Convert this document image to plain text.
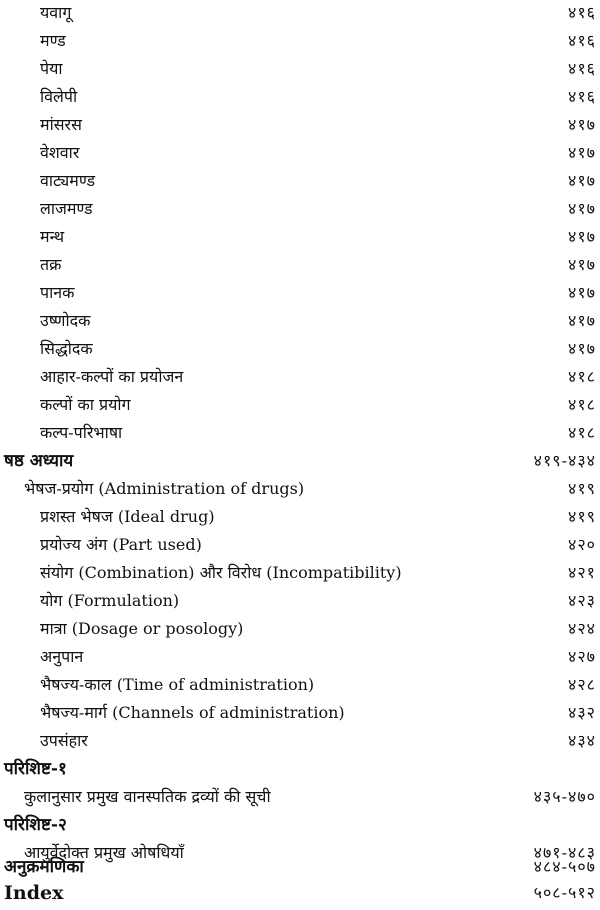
यवागू	४१६
मण्ड	४१६
पेया	४१६
विलेपी	४१६
मांसरस	४१७
वेशवार	४१७
वाट्यमण्ड	४१७
लाजमण्ड	४१७
मन्थ	४१७
तक्र	४१७
पानक	४१७
उष्णोदक	४१७
सिद्धोदक	४१७
आहार-कल्पों का प्रयोजन	४१८
कल्पों का प्रयोग	४१८
कल्प-परिभाषा	४१८
षष्ठ अध्याय	४१९-४३४
भेषज-प्रयोग (Administration of drugs)	४१९
प्रशस्त भेषज (Ideal drug)	४१९
प्रयोज्य अंग (Part used)	४२०
संयोग (Combination) और विरोध (Incompatibility)	४२१
योग (Formulation)	४२३
मात्रा (Dosage or posology)	४२४
अनुपान	४२७
भैषज्य-काल (Time of administration)	४२८
भैषज्य-मार्ग (Channels of administration)	४३२
उपसंहार	४३४
परिशिष्ट-१
कुलानुसार प्रमुख वानस्पतिक द्रव्यों की सूची	४३५-४७०
परिशिष्ट-२
आयुर्वेदोक्त प्रमुख ओषधियाँ	४७१-४८३
अनुक्रमणिका	४८४-५०७
Index	५०८-५१२
